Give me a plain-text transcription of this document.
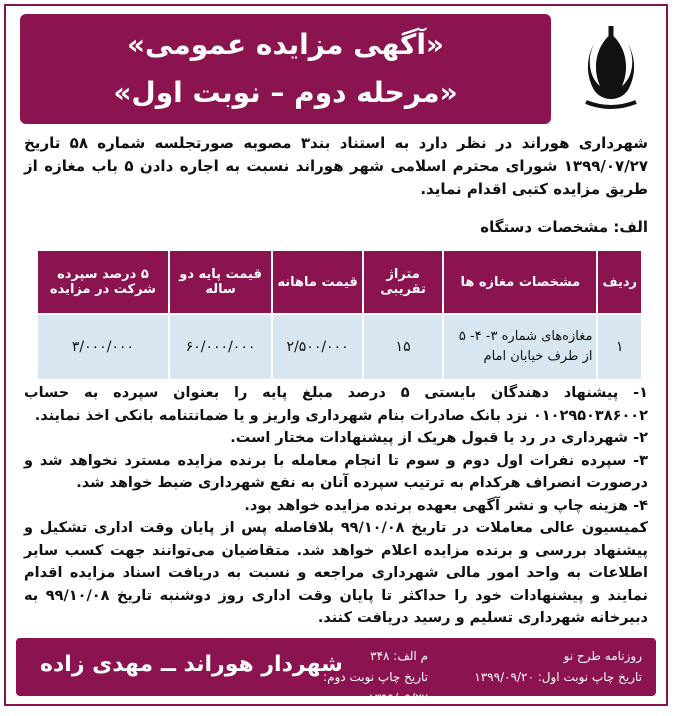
«آگهی مزایده عمومی»
«مرحله دوم – نوبت اول»
شهرداری هوراند در نظر دارد به استناد بند۳ مصوبه صورتجلسه شماره ۵۸ تاریخ ۱۳۹۹/۰۷/۲۷ شورای محترم اسلامی شهر هوراند نسبت به اجاره دادن ۵ باب مغازه از طریق مزایده کتبی اقدام نماید.
الف: مشخصات دستگاه
ردیف	مشخصات مغازه ها	متراژ تقریبی	قیمت ماهانه	قیمت پایه دو ساله	۵ درصد سپرده شرکت در مزایده
۱	مغازه‌های شماره ۳- ۴- ۵ از طرف خیابان امام	۱۵	۲/۵۰۰/۰۰۰	۶۰/۰۰۰/۰۰۰	۳/۰۰۰/۰۰۰

۱- پیشنهاد دهندگان بایستی ۵ درصد مبلغ پایه را بعنوان سپرده به حساب ۰۱۰۲۹۵۰۳۸۶۰۰۲ نزد بانک صادرات بنام شهرداری واریز و یا ضمانتنامه بانکی اخذ نمایند.

۲- شهرداری در رد یا قبول هریک از پیشنهادات مختار است.

۳- سپرده نفرات اول دوم و سوم تا انجام معامله با برنده مزایده مسترد نخواهد شد و درصورت انصراف هرکدام به ترتیب سپرده آنان به نفع شهرداری ضبط خواهد شد.

۴- هزینه چاپ و نشر آگهی بعهده برنده مزایده خواهد بود.

کمیسیون عالی معاملات در تاریخ ۹۹/۱۰/۰۸ بلافاصله پس از پایان وقت اداری تشکیل و پیشنهاد بررسی و برنده مزایده اعلام خواهد شد. متقاضیان می‌توانند جهت کسب سایر اطلاعات به واحد امور مالی شهرداری مراجعه و نسبت به دریافت اسناد مزایده اقدام نمایند و پیشنهادات خود را حداکثر تا پایان وقت اداری روز دوشنبه تاریخ ۹۹/۱۰/۰۸ به دبیرخانه شهرداری تسلیم و رسید دریافت کنند.

روزنامه طرح نو
تاریخ چاپ نوبت اول: ۱۳۹۹/۰۹/۲۰
م الف: ۳۴۸
تاریخ چاپ نوبت دوم: ۱۳۹۹/۰۹/۲۷
شهردار هوراند ــ مهدی زاده
